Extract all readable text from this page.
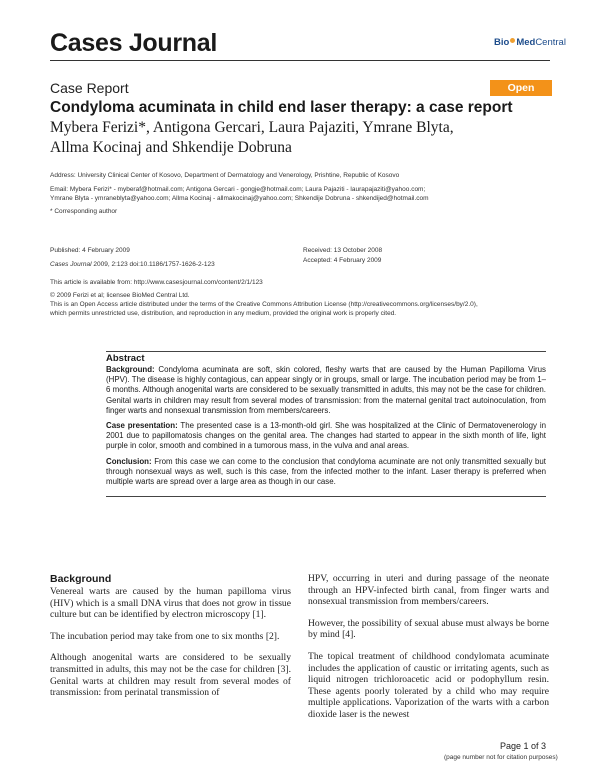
Cases Journal	Bio MedCentral
Case Report	Open Access
Condyloma acuminata in child end laser therapy: a case report
Mybera Ferizi*, Antigona Gercari, Laura Pajaziti, Ymrane Blyta,
Allma Kocinaj and Shkendije Dobruna
Address: University Clinical Center of Kosovo, Department of Dermatology and Venerology, Prishtine, Republic of Kosovo
Email: Mybera Ferizi* - myberaf@hotmail.com; Antigona Gercari - gongje@hotmail.com; Laura Pajaziti - laurapajaziti@yahoo.com;
Ymrane Blyta - ymraneblyta@yahoo.com; Allma Kocinaj - allmakocinaj@yahoo.com; Shkendije Dobruna - shkendijed@hotmail.com
* Corresponding author
Published: 4 February 2009
Cases Journal 2009, 2:123 doi:10.1186/1757-1626-2-123
Received: 13 October 2008
Accepted: 4 February 2009
This article is available from: http://www.casesjournal.com/content/2/1/123
© 2009 Ferizi et al; licensee BioMed Central Ltd.
This is an Open Access article distributed under the terms of the Creative Commons Attribution License (http://creativecommons.org/licenses/by/2.0),
which permits unrestricted use, distribution, and reproduction in any medium, provided the original work is properly cited.
Abstract

Background: Condyloma acuminata are soft, skin colored, fleshy warts that are caused by the Human Papilloma Virus (HPV). The disease is highly contagious, can appear singly or in groups, small or large. The incubation period may be from 1–6 months. Although anogenital warts are considered to be sexually transmitted in adults, this may not be the case for children. Genital warts in children may result from several modes of transmission: from the maternal genital tract autoinoculation, from finger warts and nonsexual transmission from members/careers.

Case presentation: The presented case is a 13-month-old girl. She was hospitalized at the Clinic of Dermatovenerology in 2001 due to papillomatosis changes on the genital area. The changes had started to appear in the sixth month of life, light purple in color, smooth and combined in a tumorous mass, in the vulva and anal areas.

Conclusion: From this case we can come to the conclusion that condyloma acuminate are not only transmitted sexually but through nonsexual ways as well, such is this case, from the infected mother to the infant. Laser therapy is preferred when multiple warts are spread over a large area as though in our case.

Background

Venereal warts are caused by the human papilloma virus (HIV) which is a small DNA virus that does not grow in tissue culture but can be identified by electron microscopy [1].

The incubation period may take from one to six months [2].

Although anogenital warts are considered to be sexually transmitted in adults, this may not be the case for children [3]. Genital warts at children may result from several modes of transmission: from perinatal transmission of

HPV, occurring in uteri and during passage of the neonate through an HPV-infected birth canal, from finger warts and nonsexual transmission from members/careers.

However, the possibility of sexual abuse must always be borne by mind [4].

The topical treatment of childhood condylomata acuminate includes the application of caustic or irritating agents, such as liquid nitrogen trichloroacetic acid or podophyllum resin. These agents poorly tolerated by a child who may require multiple applications. Vaporization of the warts with a carbon dioxide laser is the newest

Page 1 of 3
(page number not for citation purposes)
